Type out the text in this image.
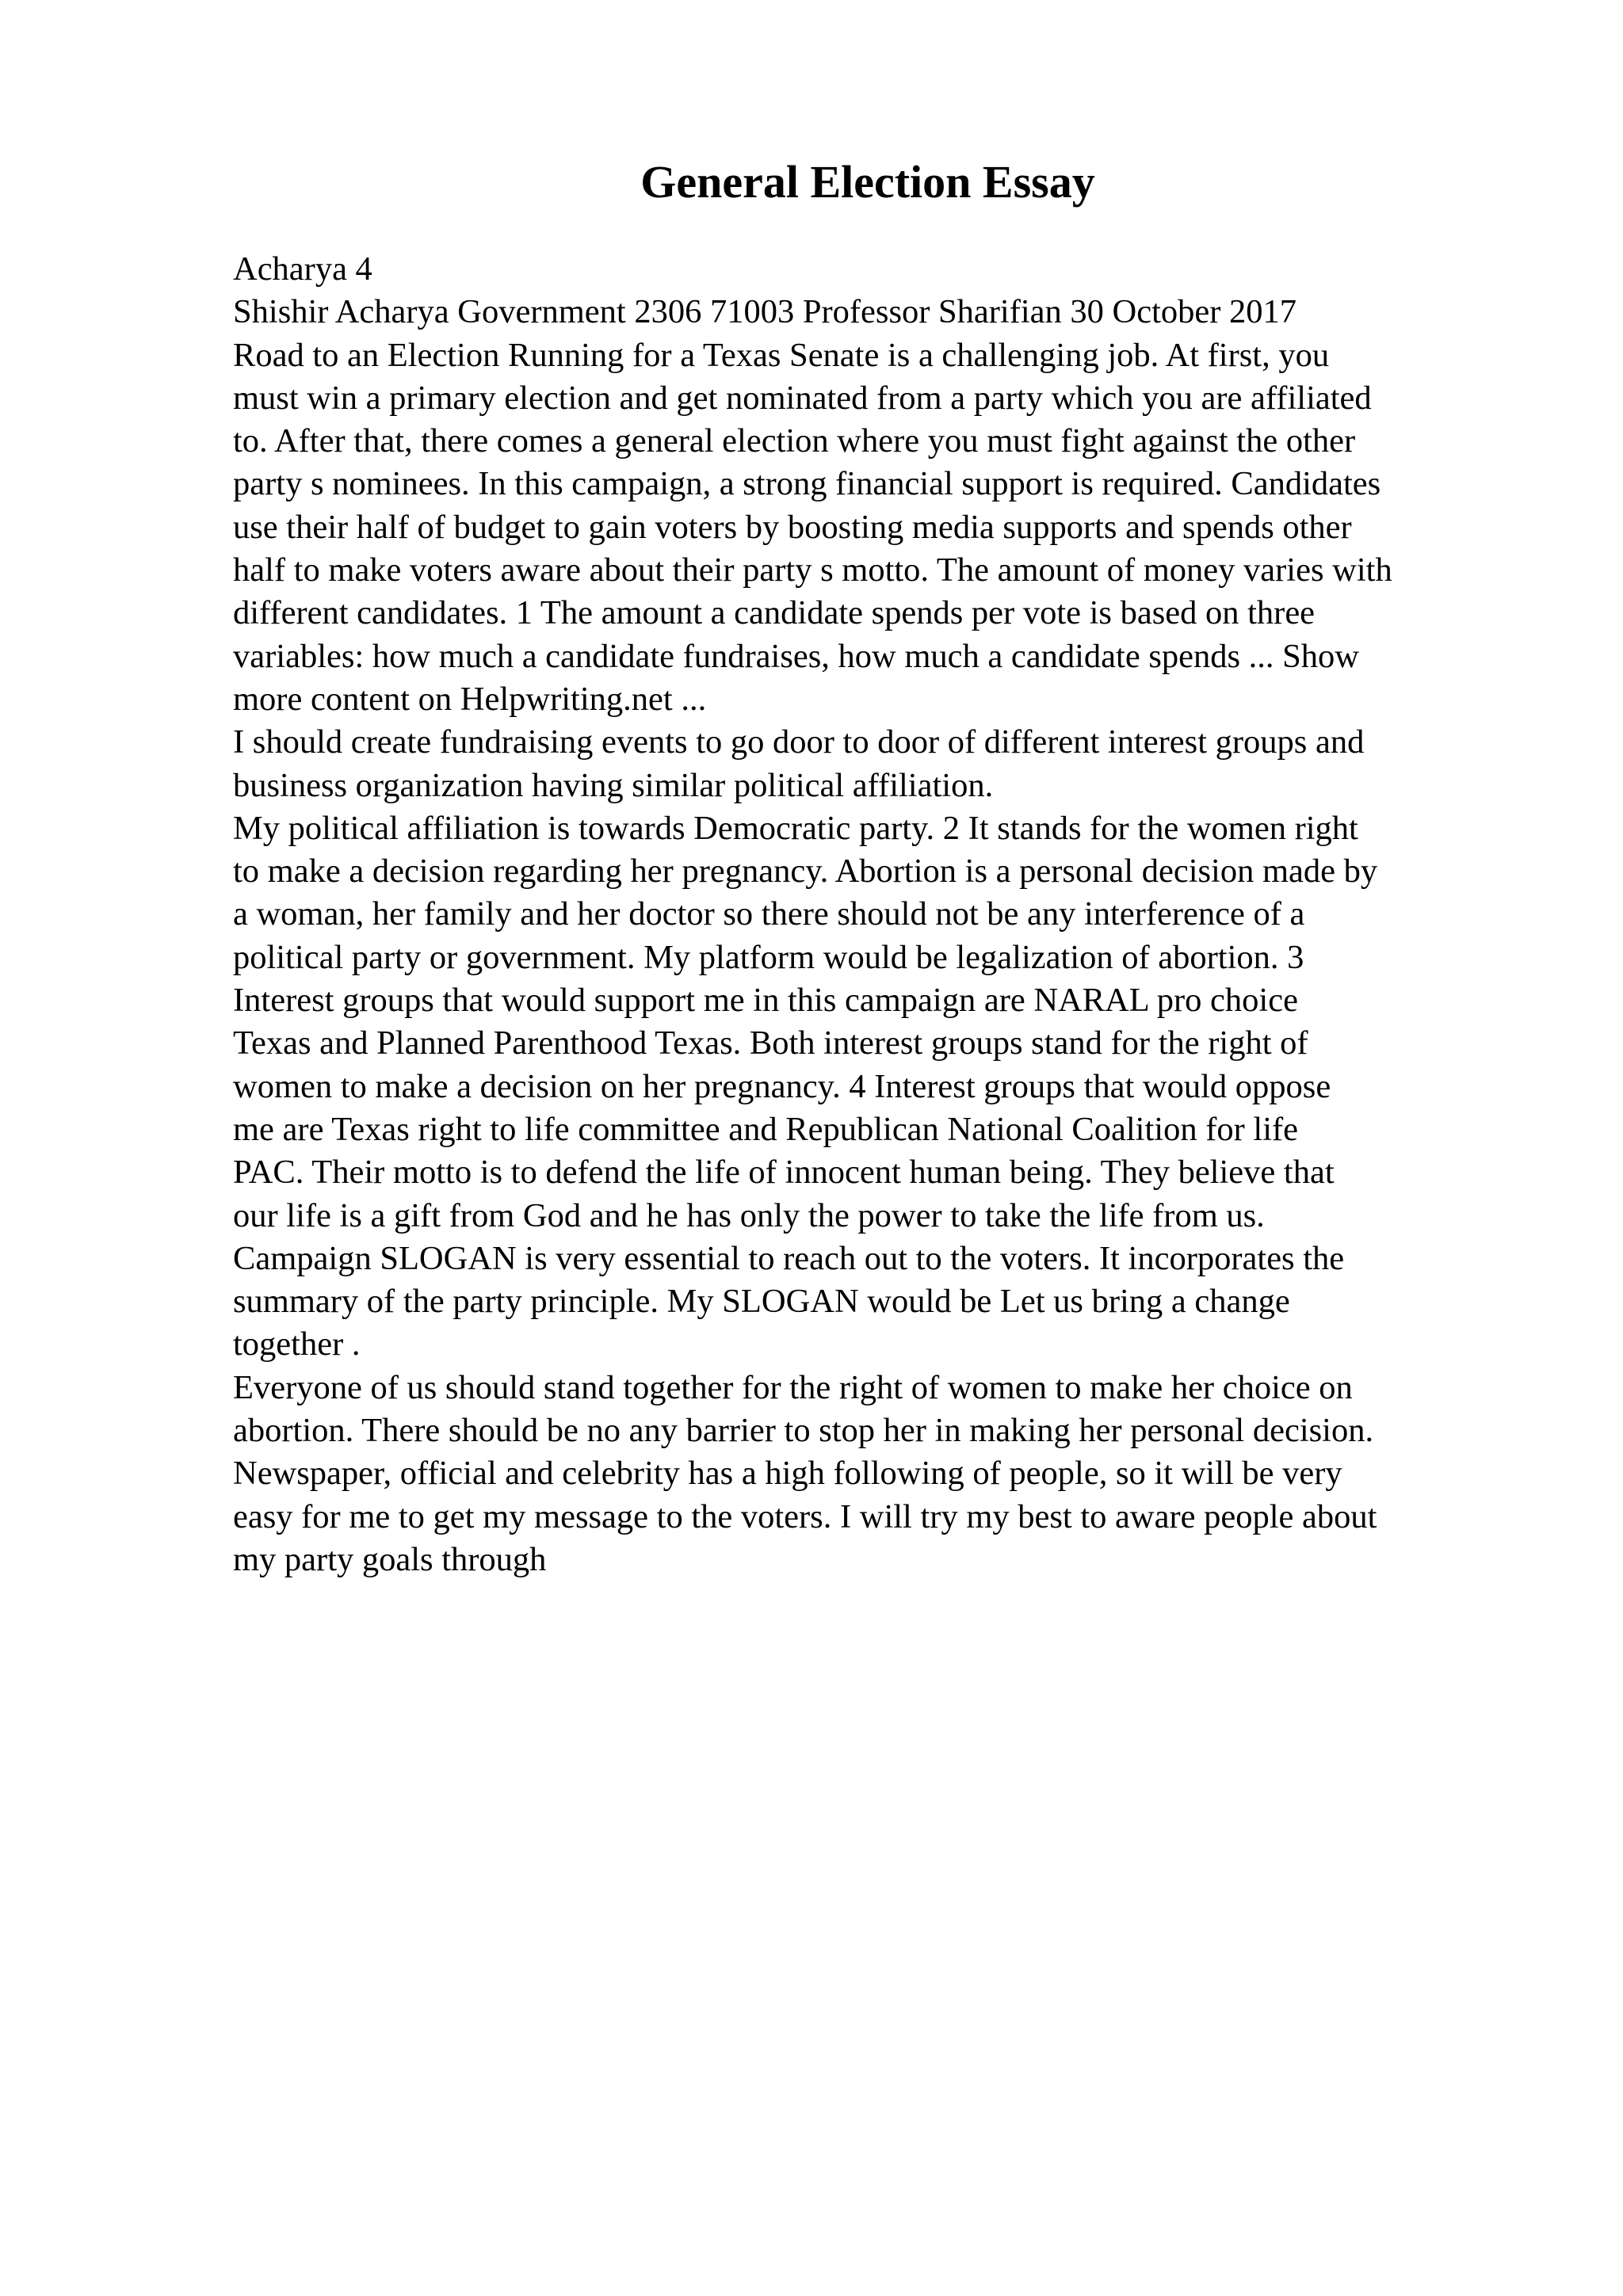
General Election Essay
Acharya 4
Shishir Acharya Government 2306 71003 Professor Sharifian 30 October 2017
Road to an Election Running for a Texas Senate is a challenging job. At first, you
must win a primary election and get nominated from a party which you are affiliated
to. After that, there comes a general election where you must fight against the other
party s nominees. In this campaign, a strong financial support is required. Candidates
use their half of budget to gain voters by boosting media supports and spends other
half to make voters aware about their party s motto. The amount of money varies with
different candidates. 1 The amount a candidate spends per vote is based on three
variables: how much a candidate fundraises, how much a candidate spends ... Show
more content on Helpwriting.net ...
I should create fundraising events to go door to door of different interest groups and
business organization having similar political affiliation.
My political affiliation is towards Democratic party. 2 It stands for the women right
to make a decision regarding her pregnancy. Abortion is a personal decision made by
a woman, her family and her doctor so there should not be any interference of a
political party or government. My platform would be legalization of abortion. 3
Interest groups that would support me in this campaign are NARAL pro choice
Texas and Planned Parenthood Texas. Both interest groups stand for the right of
women to make a decision on her pregnancy. 4 Interest groups that would oppose
me are Texas right to life committee and Republican National Coalition for life
PAC. Their motto is to defend the life of innocent human being. They believe that
our life is a gift from God and he has only the power to take the life from us.
Campaign SLOGAN is very essential to reach out to the voters. It incorporates the
summary of the party principle. My SLOGAN would be Let us bring a change
together .
Everyone of us should stand together for the right of women to make her choice on
abortion. There should be no any barrier to stop her in making her personal decision.
Newspaper, official and celebrity has a high following of people, so it will be very
easy for me to get my message to the voters. I will try my best to aware people about
my party goals through
